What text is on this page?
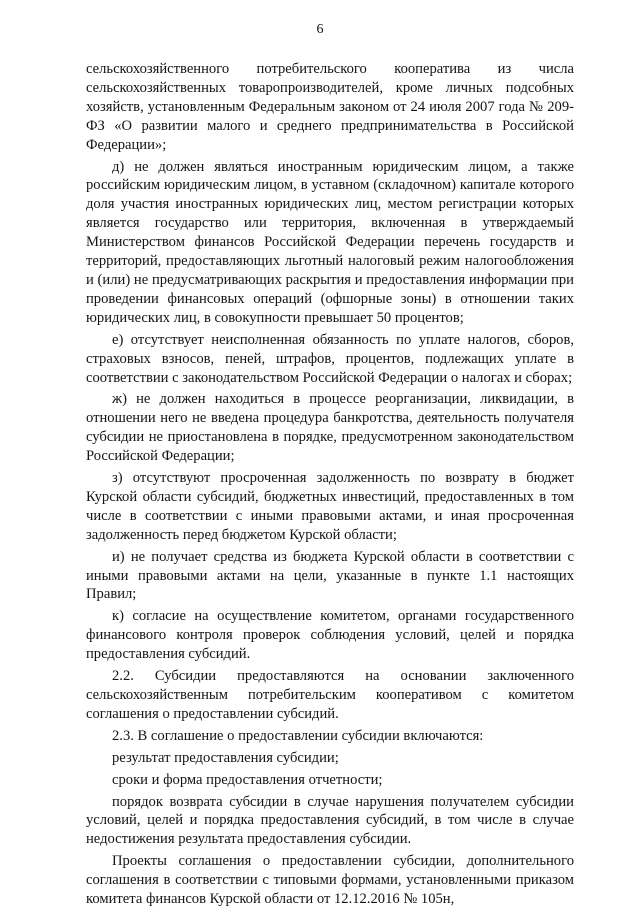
6

сельскохозяйственного потребительского кооператива из числа сельскохозяйственных товаропроизводителей, кроме личных подсобных хозяйств, установленным Федеральным законом от 24 июля 2007 года № 209-ФЗ «О развитии малого и среднего предпринимательства в Российской Федерации»;

д) не должен являться иностранным юридическим лицом, а также российским юридическим лицом, в уставном (складочном) капитале которого доля участия иностранных юридических лиц, местом регистрации которых является государство или территория, включенная в утверждаемый Министерством финансов Российской Федерации перечень государств и территорий, предоставляющих льготный налоговый режим налогообложения и (или) не предусматривающих раскрытия и предоставления информации при проведении финансовых операций (офшорные зоны) в отношении таких юридических лиц, в совокупности превышает 50 процентов;

е) отсутствует неисполненная обязанность по уплате налогов, сборов, страховых взносов, пеней, штрафов, процентов, подлежащих уплате в соответствии с законодательством Российской Федерации о налогах и сборах;

ж) не должен находиться в процессе реорганизации, ликвидации, в отношении него не введена процедура банкротства, деятельность получателя субсидии не приостановлена в порядке, предусмотренном законодательством Российской Федерации;

з) отсутствуют просроченная задолженность по возврату в бюджет Курской области субсидий, бюджетных инвестиций, предоставленных в том числе в соответствии с иными правовыми актами, и иная просроченная задолженность перед бюджетом Курской области;

и) не получает средства из бюджета Курской области в соответствии с иными правовыми актами на цели, указанные в пункте 1.1 настоящих Правил;

к) согласие на осуществление комитетом, органами государственного финансового контроля проверок соблюдения условий, целей и порядка предоставления субсидий.

2.2. Субсидии предоставляются на основании заключенного сельскохозяйственным потребительским кооперативом с комитетом соглашения о предоставлении субсидий.

2.3. В соглашение о предоставлении субсидии включаются:

результат предоставления субсидии;

сроки и форма предоставления отчетности;

порядок возврата субсидии в случае нарушения получателем субсидии условий, целей и порядка предоставления субсидий, в том числе в случае недостижения результата предоставления субсидии.

Проекты соглашения о предоставлении субсидии, дополнительного соглашения в соответствии с типовыми формами, установленными приказом комитета финансов Курской области от 12.12.2016 № 105н,
